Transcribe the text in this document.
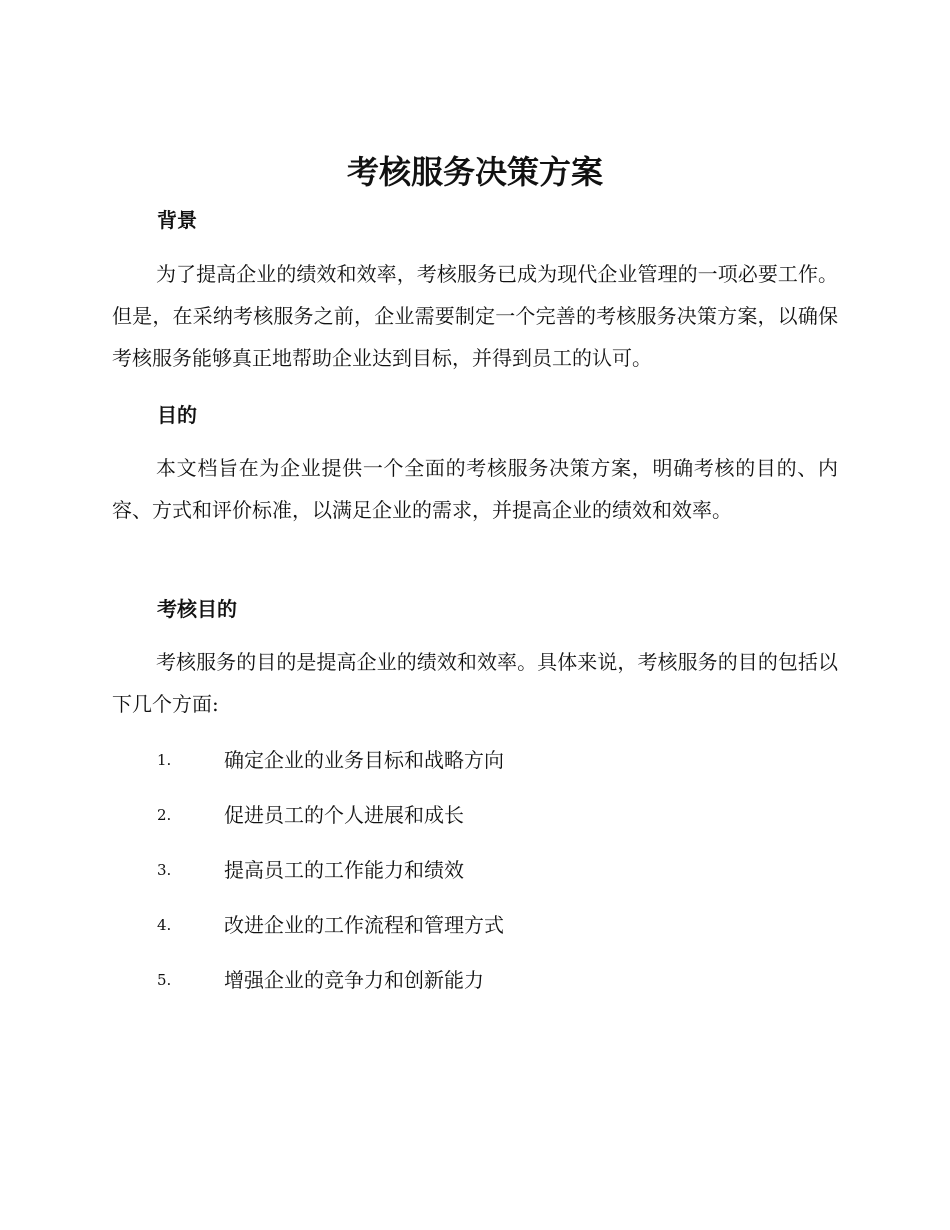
考核服务决策方案
背景

为了提高企业的绩效和效率，考核服务已成为现代企业管理的一项必要工作。但是，在采纳考核服务之前，企业需要制定一个完善的考核服务决策方案，以确保考核服务能够真正地帮助企业达到目标，并得到员工的认可。

目的

本文档旨在为企业提供一个全面的考核服务决策方案，明确考核的目的、内容、方式和评价标准，以满足企业的需求，并提高企业的绩效和效率。

考核目的

考核服务的目的是提高企业的绩效和效率。具体来说，考核服务的目的包括以下几个方面:

1.	确定企业的业务目标和战略方向
2.	促进员工的个人进展和成长
3.	提高员工的工作能力和绩效
4.	改进企业的工作流程和管理方式
5.	增强企业的竞争力和创新能力
